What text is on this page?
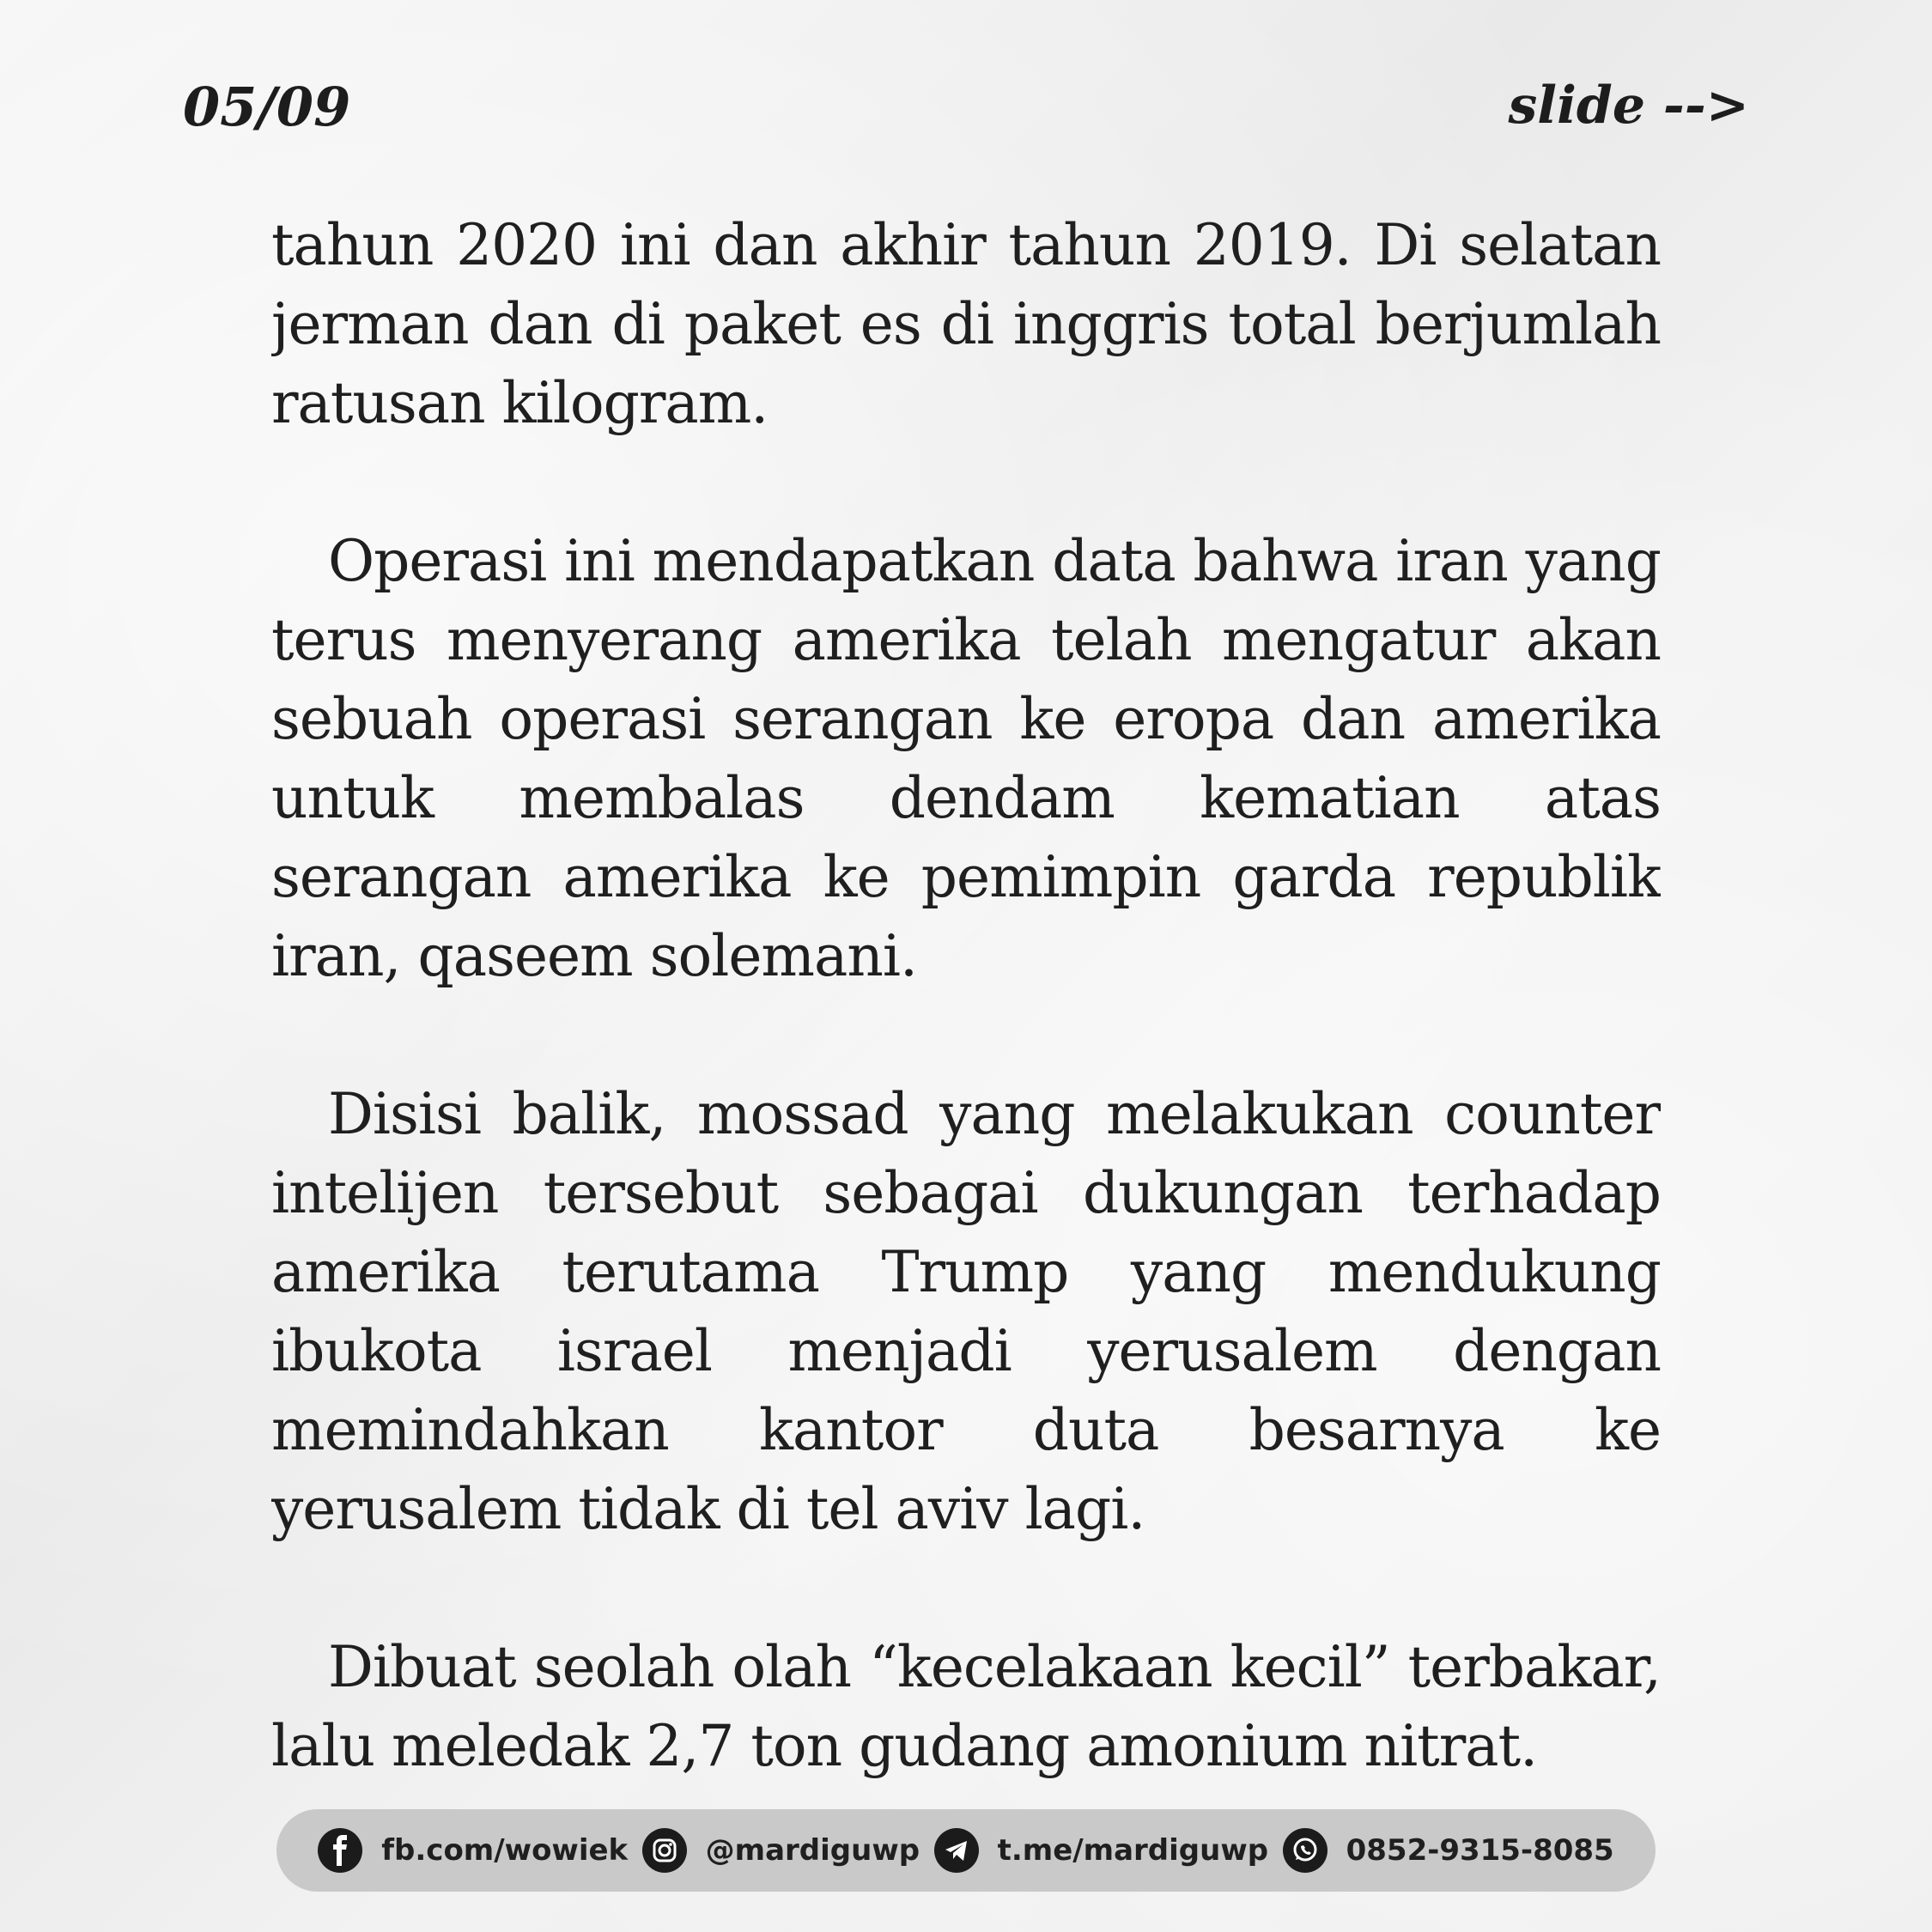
05/09	slide -->

tahun 2020 ini dan akhir tahun 2019. Di selatan jerman dan di paket es di inggris total berjumlah ratusan kilogram.

Operasi ini mendapatkan data bahwa iran yang terus menyerang amerika telah mengatur akan sebuah operasi serangan ke eropa dan amerika untuk membalas dendam kematian atas serangan amerika ke pemimpin garda republik iran, qaseem solemani.

Disisi balik, mossad yang melakukan counter intelijen tersebut sebagai dukungan terhadap amerika terutama Trump yang mendukung ibukota israel menjadi yerusalem dengan memindahkan kantor duta besarnya ke yerusalem tidak di tel aviv lagi.

Dibuat seolah olah “kecelakaan kecil” terbakar, lalu meledak 2,7 ton gudang amonium nitrat.

fb.com/wowiek	@mardiguwp	t.me/mardiguwp	0852-9315-8085
